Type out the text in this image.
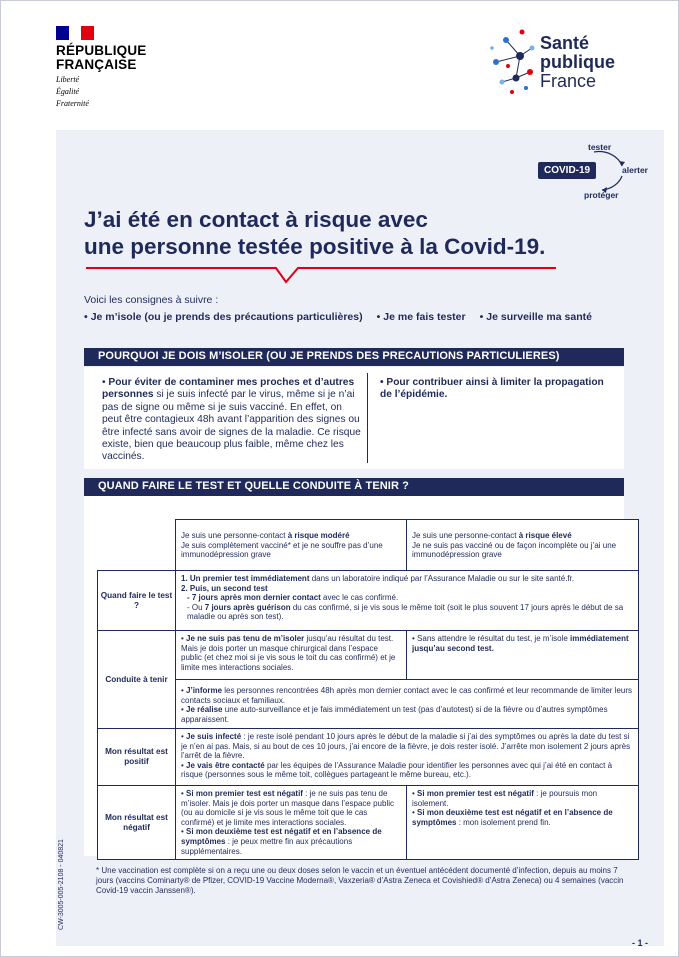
RÉPUBLIQUE
FRANÇAISE
Liberté
Égalité
Fraternité
Santé
publique
France
tester
COVID-19	alerter
protéger
J’ai été en contact à risque avec
une personne testée positive à la Covid-19.
Voici les consignes à suivre :
• Je m’isole (ou je prends des précautions particulières) • Je me fais tester • Je surveille ma santé
POURQUOI JE DOIS M’ISOLER (OU JE PRENDS DES PRECAUTIONS PARTICULIERES)
• Pour éviter de contaminer mes proches et d’autres personnes si je suis infecté par le virus, même si je n’ai pas de signe ou même si je suis vacciné. En effet, on peut être contagieux 48h avant l’apparition des signes ou être infecté sans avoir de signes de la maladie. Ce risque existe, bien que beaucoup plus faible, même chez les vaccinés.
• Pour contribuer ainsi à limiter la propagation de l’épidémie.
QUAND FAIRE LE TEST ET QUELLE CONDUITE À TENIR ?
Je suis une personne-contact à risque modéré
Je suis complètement vacciné* et je ne souffre pas d’une immunodépression grave
Je suis une personne-contact à risque élevé
Je ne suis pas vacciné ou de façon incomplète ou j’ai une immunodépression grave
Quand faire le test ?
1. Un premier test immédiatement dans un laboratoire indiqué par l’Assurance Maladie ou sur le site santé.fr.
2. Puis, un second test
- 7 jours après mon dernier contact avec le cas confirmé.
- Ou 7 jours après guérison du cas confirmé, si je vis sous le même toit (soit le plus souvent 17 jours après le début de sa maladie ou après son test).
Conduite à tenir
• Je ne suis pas tenu de m’isoler jusqu’au résultat du test. Mais je dois porter un masque chirurgical dans l’espace public (et chez moi si je vis sous le toit du cas confirmé) et je limite mes interactions sociales.
• Sans attendre le résultat du test, je m’isole immédiatement jusqu’au second test.
• J’informe les personnes rencontrées 48h après mon dernier contact avec le cas confirmé et leur recommande de limiter leurs contacts sociaux et familiaux.
• Je réalise une auto-surveillance et je fais immédiatement un test (pas d’autotest) si de la fièvre ou d’autres symptômes apparaissent.
Mon résultat est positif
• Je suis infecté : je reste isolé pendant 10 jours après le début de la maladie si j’ai des symptômes ou après la date du test si je n’en ai pas. Mais, si au bout de ces 10 jours, j’ai encore de la fièvre, je dois rester isolé. J’arrête mon isolement 2 jours après l’arrêt de la fièvre.
• Je vais être contacté par les équipes de l’Assurance Maladie pour identifier les personnes avec qui j’ai été en contact à risque (personnes sous le même toit, collègues partageant le même bureau, etc.).
Mon résultat est négatif
• Si mon premier test est négatif : je ne suis pas tenu de m’isoler. Mais je dois porter un masque dans l’espace public (ou au domicile si je vis sous le même toit que le cas confirmé) et je limite mes interactions sociales.
• Si mon deuxième test est négatif et en l’absence de symptômes : je peux mettre fin aux précautions supplémentaires.
• Si mon premier test est négatif : je poursuis mon isolement.
• Si mon deuxième test est négatif et en l’absence de symptômes : mon isolement prend fin.
* Une vaccination est complète si on a reçu une ou deux doses selon le vaccin et un éventuel antécédent documenté d’infection, depuis au moins 7 jours (vaccins Cominarty® de Pfizer, COVID-19 Vaccine Moderna®, Vaxzeria® d’Astra Zeneca et Covishied® d’Astra Zeneca) ou 4 semaines (vaccin Covid-19 vaccin Janssen®).
CW-3005-005-2108 - 040821
- 1 -
